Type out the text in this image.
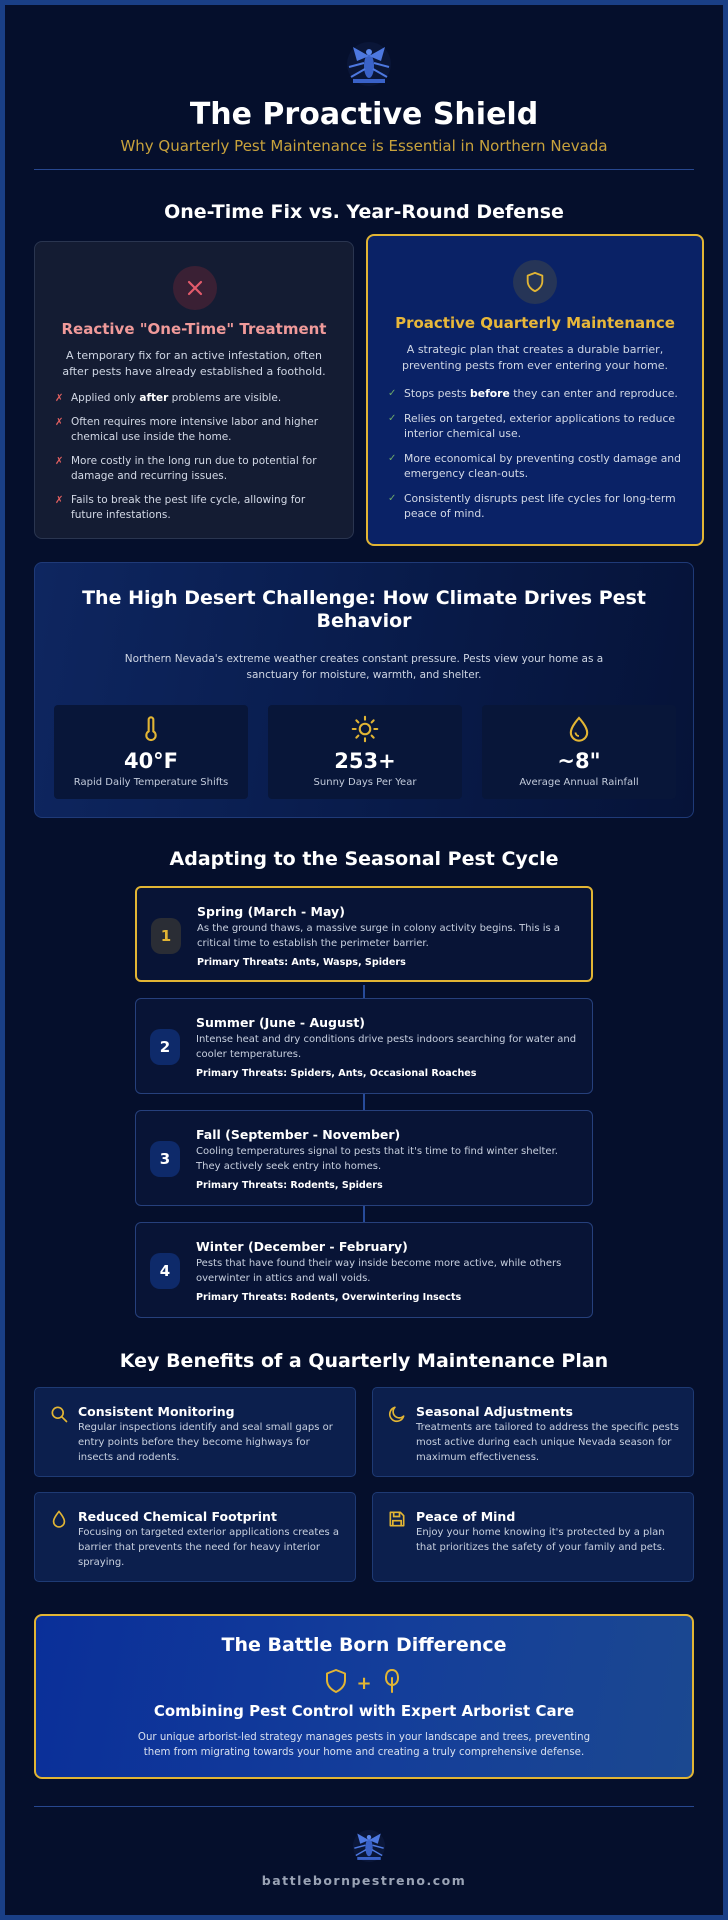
The Proactive Shield
Why Quarterly Pest Maintenance is Essential in Northern Nevada
One-Time Fix vs. Year-Round Defense
Reactive "One-Time" Treatment
A temporary fix for an active infestation, often after pests have already established a foothold.
✗ Applied only after problems are visible.
✗ Often requires more intensive labor and higher chemical use inside the home.
✗ More costly in the long run due to potential for damage and recurring issues.
✗ Fails to break the pest life cycle, allowing for future infestations.
Proactive Quarterly Maintenance
A strategic plan that creates a durable barrier, preventing pests from ever entering your home.
✓ Stops pests before they can enter and reproduce.
✓ Relies on targeted, exterior applications to reduce interior chemical use.
✓ More economical by preventing costly damage and emergency clean-outs.
✓ Consistently disrupts pest life cycles for long-term peace of mind.
The High Desert Challenge: How Climate Drives Pest Behavior
Northern Nevada's extreme weather creates constant pressure. Pests view your home as a sanctuary for moisture, warmth, and shelter.
40°F
Rapid Daily Temperature Shifts
253+
Sunny Days Per Year
~8"
Average Annual Rainfall
Adapting to the Seasonal Pest Cycle
1
Spring (March - May)
As the ground thaws, a massive surge in colony activity begins. This is a critical time to establish the perimeter barrier.
Primary Threats: Ants, Wasps, Spiders
2
Summer (June - August)
Intense heat and dry conditions drive pests indoors searching for water and cooler temperatures.
Primary Threats: Spiders, Ants, Occasional Roaches
3
Fall (September - November)
Cooling temperatures signal to pests that it's time to find winter shelter. They actively seek entry into homes.
Primary Threats: Rodents, Spiders
4
Winter (December - February)
Pests that have found their way inside become more active, while others overwinter in attics and wall voids.
Primary Threats: Rodents, Overwintering Insects
Key Benefits of a Quarterly Maintenance Plan
Consistent Monitoring
Regular inspections identify and seal small gaps or entry points before they become highways for insects and rodents.
Seasonal Adjustments
Treatments are tailored to address the specific pests most active during each unique Nevada season for maximum effectiveness.
Reduced Chemical Footprint
Focusing on targeted exterior applications creates a barrier that prevents the need for heavy interior spraying.
Peace of Mind
Enjoy your home knowing it's protected by a plan that prioritizes the safety of your family and pets.
The Battle Born Difference
+
Combining Pest Control with Expert Arborist Care
Our unique arborist-led strategy manages pests in your landscape and trees, preventing them from migrating towards your home and creating a truly comprehensive defense.
battlebornpestreno.com
